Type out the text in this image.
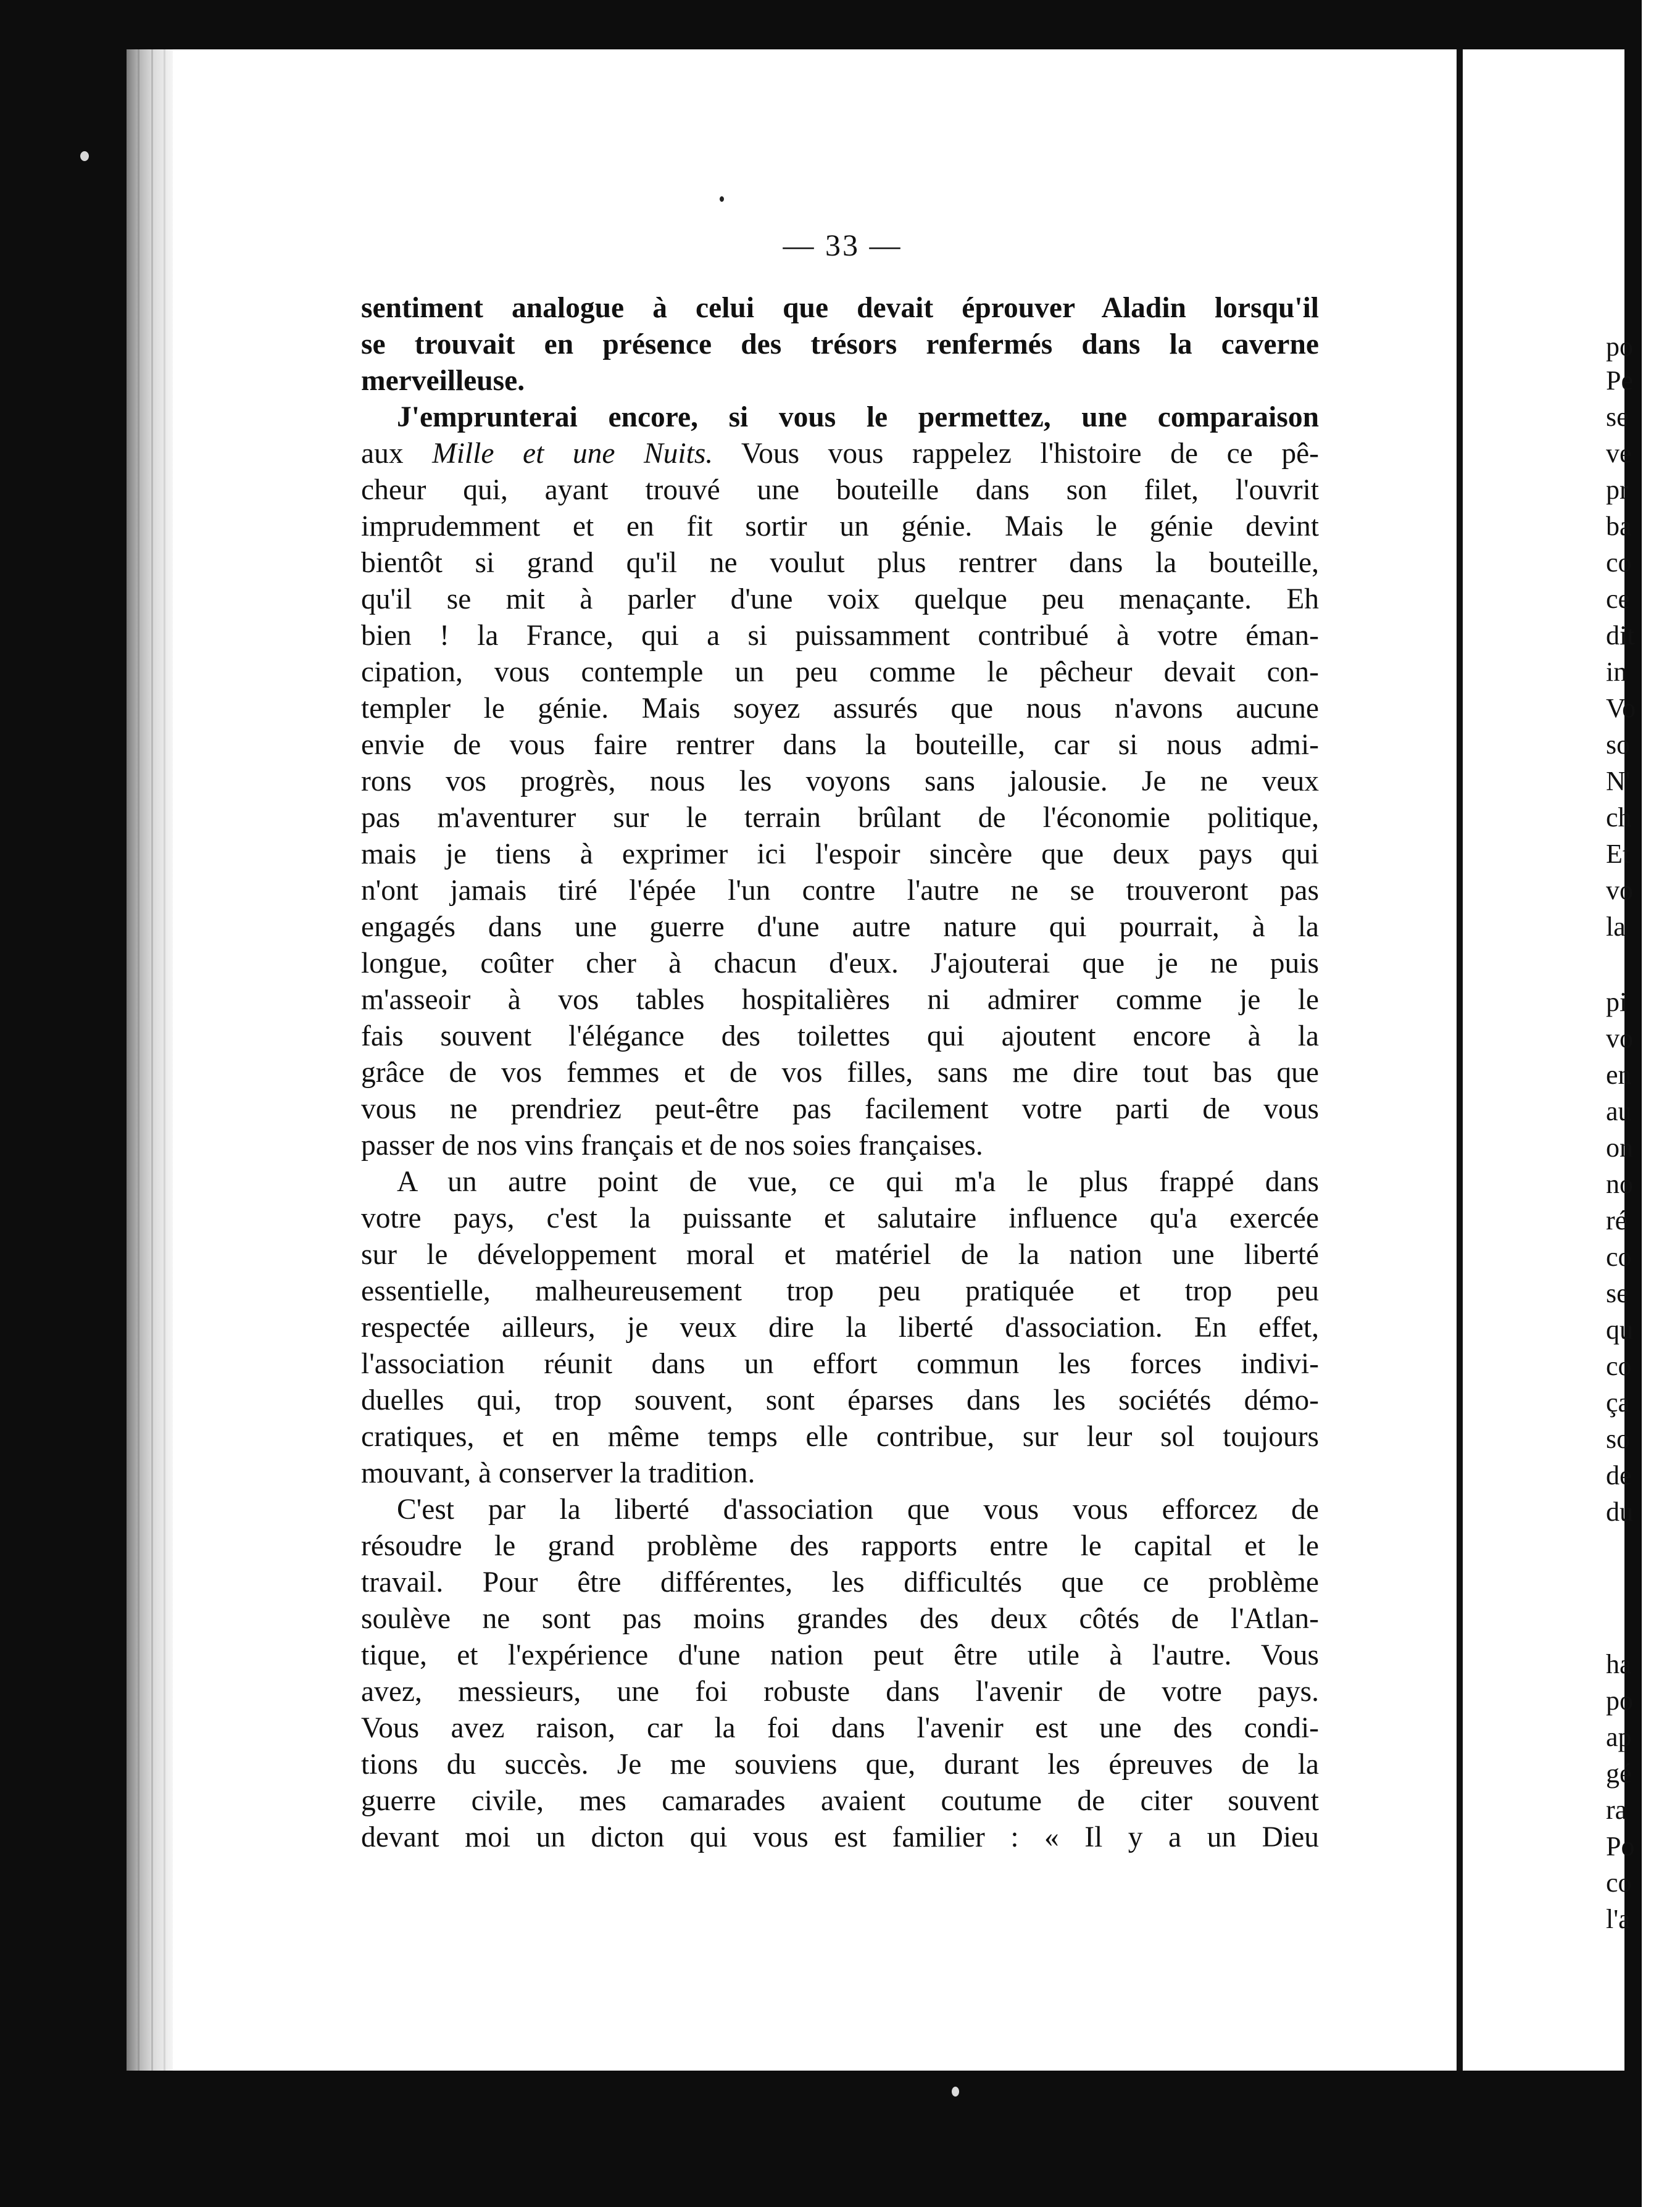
po

Pe

se

ve

pr

ba

co

ce

dit

in

Vo

so

N'

ch

Et

vo

la

pi

vo

en

au

on

no

ré

co

se

qu

co

ça

so

de

du

ha

po

ap

gé

ra

Po

co

l'a

— 33 —

sentiment analogue à celui que devait éprouver Aladin lorsqu'il

se trouvait en présence des trésors renfermés dans la caverne

merveilleuse.

J'emprunterai encore, si vous le permettez, une comparaison

aux Mille et une Nuits. Vous vous rappelez l'histoire de ce pê-

cheur qui, ayant trouvé une bouteille dans son filet, l'ouvrit

imprudemment et en fit sortir un génie. Mais le génie devint

bientôt si grand qu'il ne voulut plus rentrer dans la bouteille,

qu'il se mit à parler d'une voix quelque peu menaçante. Eh

bien ! la France, qui a si puissamment contribué à votre éman-

cipation, vous contemple un peu comme le pêcheur devait con-

templer le génie. Mais soyez assurés que nous n'avons aucune

envie de vous faire rentrer dans la bouteille, car si nous admi-

rons vos progrès, nous les voyons sans jalousie. Je ne veux

pas m'aventurer sur le terrain brûlant de l'économie politique,

mais je tiens à exprimer ici l'espoir sincère que deux pays qui

n'ont jamais tiré l'épée l'un contre l'autre ne se trouveront pas

engagés dans une guerre d'une autre nature qui pourrait, à la

longue, coûter cher à chacun d'eux. J'ajouterai que je ne puis

m'asseoir à vos tables hospitalières ni admirer comme je le

fais souvent l'élégance des toilettes qui ajoutent encore à la

grâce de vos femmes et de vos filles, sans me dire tout bas que

vous ne prendriez peut-être pas facilement votre parti de vous

passer de nos vins français et de nos soies françaises.

A un autre point de vue, ce qui m'a le plus frappé dans

votre pays, c'est la puissante et salutaire influence qu'a exercée

sur le développement moral et matériel de la nation une liberté

essentielle, malheureusement trop peu pratiquée et trop peu

respectée ailleurs, je veux dire la liberté d'association. En effet,

l'association réunit dans un effort commun les forces indivi-

duelles qui, trop souvent, sont éparses dans les sociétés démo-

cratiques, et en même temps elle contribue, sur leur sol toujours

mouvant, à conserver la tradition.

C'est par la liberté d'association que vous vous efforcez de

résoudre le grand problème des rapports entre le capital et le

travail. Pour être différentes, les difficultés que ce problème

soulève ne sont pas moins grandes des deux côtés de l'Atlan-

tique, et l'expérience d'une nation peut être utile à l'autre. Vous

avez, messieurs, une foi robuste dans l'avenir de votre pays.

Vous avez raison, car la foi dans l'avenir est une des condi-

tions du succès. Je me souviens que, durant les épreuves de la

guerre civile, mes camarades avaient coutume de citer souvent

devant moi un dicton qui vous est familier : « Il y a un Dieu
